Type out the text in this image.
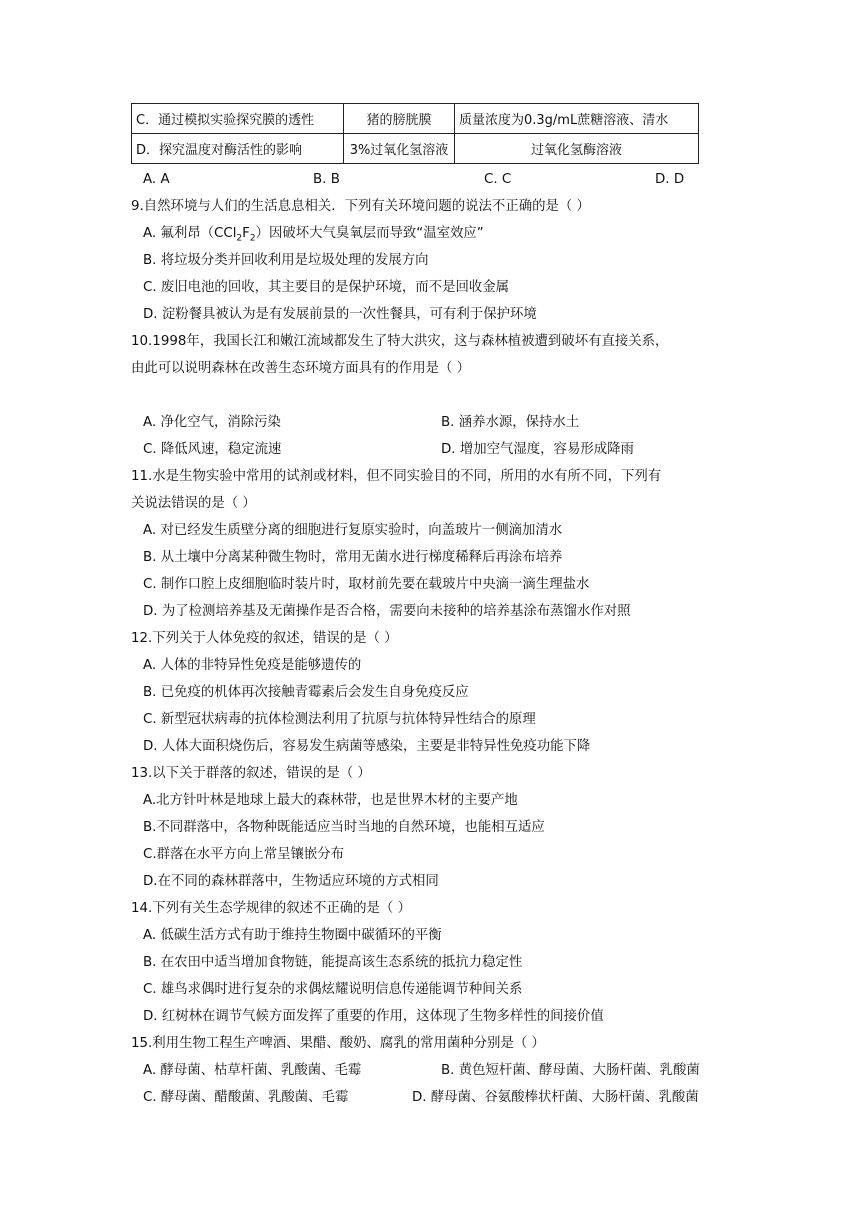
C．通过模拟实验探究膜的透性	猪的膀胱膜	质量浓度为0.3g/mL蔗糖溶液、清水
D．探究温度对酶活性的影响	3%过氧化氢溶液	过氧化氢酶溶液
A. A	B. B	C. C	D. D
9.自然环境与人们的生活息息相关．下列有关环境问题的说法不正确的是（ ）
A. 氟利昂$(CCl_2F_2)$因破坏大气臭氧层而导致“温室效应”
B. 将垃圾分类并回收利用是垃圾处理的发展方向
C. 废旧电池的回收，其主要目的是保护环境，而不是回收金属
D. 淀粉餐具被认为是有发展前景的一次性餐具，可有利于保护环境
10.1998年，我国长江和嫩江流域都发生了特大洪灾，这与森林植被遭到破坏有直接关系，
由此可以说明森林在改善生态环境方面具有的作用是（ ）
A. 净化空气，消除污染	B. 涵养水源，保持水土
C. 降低风速，稳定流速	D. 增加空气湿度，容易形成降雨
11.水是生物实验中常用的试剂或材料，但不同实验目的不同，所用的水有所不同，下列有
关说法错误的是（ ）
A. 对已经发生质壁分离的细胞进行复原实验时，向盖玻片一侧滴加清水
B. 从土壤中分离某种微生物时，常用无菌水进行梯度稀释后再涂布培养
C. 制作口腔上皮细胞临时装片时，取材前先要在载玻片中央滴一滴生理盐水
D. 为了检测培养基及无菌操作是否合格，需要向未接种的培养基涂布蒸馏水作对照
12.下列关于人体免疫的叙述，错误的是（ ）
A. 人体的非特异性免疫是能够遗传的
B. 已免疫的机体再次接触青霉素后会发生自身免疫反应
C. 新型冠状病毒的抗体检测法利用了抗原与抗体特异性结合的原理
D. 人体大面积烧伤后，容易发生病菌等感染，主要是非特异性免疫功能下降
13.以下关于群落的叙述，错误的是（ ）
A.北方针叶林是地球上最大的森林带，也是世界木材的主要产地
B.不同群落中，各物种既能适应当时当地的自然环境，也能相互适应
C.群落在水平方向上常呈镶嵌分布
D.在不同的森林群落中，生物适应环境的方式相同
14.下列有关生态学规律的叙述不正确的是（ ）
A. 低碳生活方式有助于维持生物圈中碳循环的平衡
B. 在农田中适当增加食物链，能提高该生态系统的抵抗力稳定性
C. 雄鸟求偶时进行复杂的求偶炫耀说明信息传递能调节种间关系
D. 红树林在调节气候方面发挥了重要的作用，这体现了生物多样性的间接价值
15.利用生物工程生产啤酒、果醋、酸奶、腐乳的常用菌种分别是（ ）
A. 酵母菌、枯草杆菌、乳酸菌、毛霉	B. 黄色短杆菌、酵母菌、大肠杆菌、乳酸菌
C. 酵母菌、醋酸菌、乳酸菌、毛霉	D. 酵母菌、谷氨酸棒状杆菌、大肠杆菌、乳酸菌
